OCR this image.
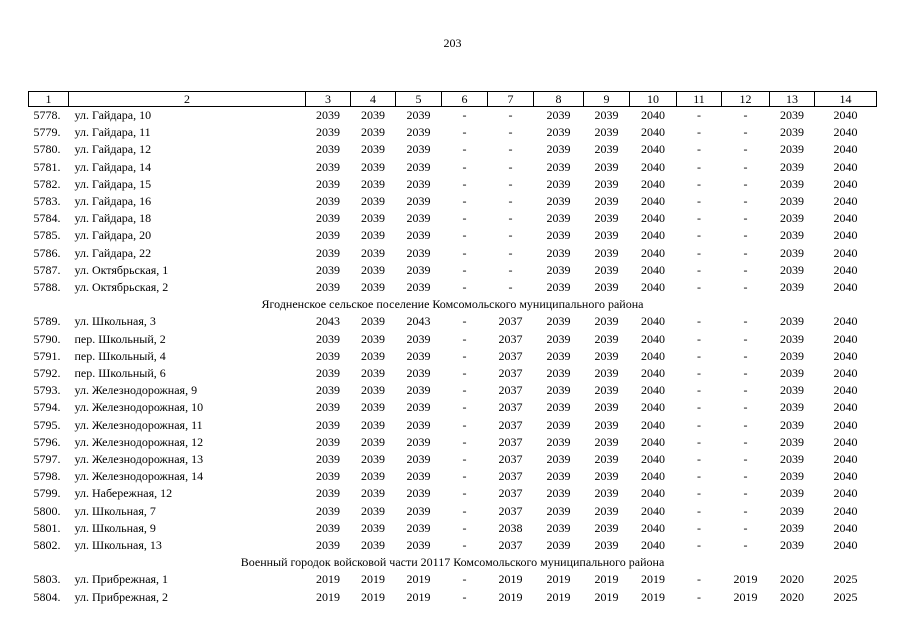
203
1	2	3	4	5	6	7	8	9	10	11	12	13	14
5778.	ул. Гайдара, 10	2039	2039	2039	-	-	2039	2039	2040	-	-	2039	2040
5779.	ул. Гайдара, 11	2039	2039	2039	-	-	2039	2039	2040	-	-	2039	2040
5780.	ул. Гайдара, 12	2039	2039	2039	-	-	2039	2039	2040	-	-	2039	2040
5781.	ул. Гайдара, 14	2039	2039	2039	-	-	2039	2039	2040	-	-	2039	2040
5782.	ул. Гайдара, 15	2039	2039	2039	-	-	2039	2039	2040	-	-	2039	2040
5783.	ул. Гайдара, 16	2039	2039	2039	-	-	2039	2039	2040	-	-	2039	2040
5784.	ул. Гайдара, 18	2039	2039	2039	-	-	2039	2039	2040	-	-	2039	2040
5785.	ул. Гайдара, 20	2039	2039	2039	-	-	2039	2039	2040	-	-	2039	2040
5786.	ул. Гайдара, 22	2039	2039	2039	-	-	2039	2039	2040	-	-	2039	2040
5787.	ул. Октябрьская, 1	2039	2039	2039	-	-	2039	2039	2040	-	-	2039	2040
5788.	ул. Октябрьская, 2	2039	2039	2039	-	-	2039	2039	2040	-	-	2039	2040
Ягодненское сельское поселение Комсомольского муниципального района													
5789.	ул. Школьная, 3	2043	2039	2043	-	2037	2039	2039	2040	-	-	2039	2040
5790.	пер. Школьный, 2	2039	2039	2039	-	2037	2039	2039	2040	-	-	2039	2040
5791.	пер. Школьный, 4	2039	2039	2039	-	2037	2039	2039	2040	-	-	2039	2040
5792.	пер. Школьный, 6	2039	2039	2039	-	2037	2039	2039	2040	-	-	2039	2040
5793.	ул. Железнодорожная, 9	2039	2039	2039	-	2037	2039	2039	2040	-	-	2039	2040
5794.	ул. Железнодорожная, 10	2039	2039	2039	-	2037	2039	2039	2040	-	-	2039	2040
5795.	ул. Железнодорожная, 11	2039	2039	2039	-	2037	2039	2039	2040	-	-	2039	2040
5796.	ул. Железнодорожная, 12	2039	2039	2039	-	2037	2039	2039	2040	-	-	2039	2040
5797.	ул. Железнодорожная, 13	2039	2039	2039	-	2037	2039	2039	2040	-	-	2039	2040
5798.	ул. Железнодорожная, 14	2039	2039	2039	-	2037	2039	2039	2040	-	-	2039	2040
5799.	ул. Набережная, 12	2039	2039	2039	-	2037	2039	2039	2040	-	-	2039	2040
5800.	ул. Школьная, 7	2039	2039	2039	-	2037	2039	2039	2040	-	-	2039	2040
5801.	ул. Школьная, 9	2039	2039	2039	-	2038	2039	2039	2040	-	-	2039	2040
5802.	ул. Школьная, 13	2039	2039	2039	-	2037	2039	2039	2040	-	-	2039	2040
Военный городок войсковой части 20117 Комсомольского муниципального района													
5803.	ул. Прибрежная, 1	2019	2019	2019	-	2019	2019	2019	2019	-	2019	2020	2025
5804.	ул. Прибрежная, 2	2019	2019	2019	-	2019	2019	2019	2019	-	2019	2020	2025
